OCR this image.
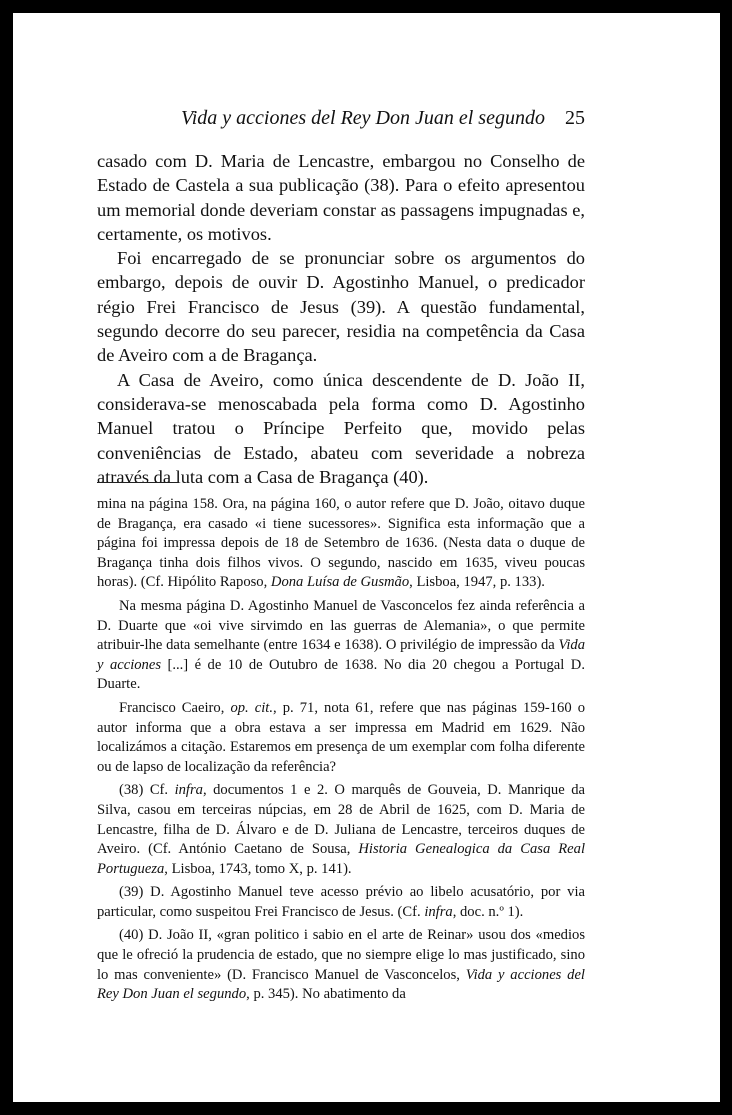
Vida y acciones del Rey Don Juan el segundo 25

casado com D. Maria de Lencastre, embargou no Conselho de Estado de Castela a sua publicação (38). Para o efeito apresentou um memorial donde deveriam constar as passagens impugnadas e, certamente, os motivos.

Foi encarregado de se pronunciar sobre os argumentos do embargo, depois de ouvir D. Agostinho Manuel, o predicador régio Frei Francisco de Jesus (39). A questão fundamental, segundo decorre do seu parecer, residia na competência da Casa de Aveiro com a de Bragança.

A Casa de Aveiro, como única descendente de D. João II, considerava-se menoscabada pela forma como D. Agostinho Manuel tratou o Príncipe Perfeito que, movido pelas conveniências de Estado, abateu com severidade a nobreza através da luta com a Casa de Bragança (40).

mina na página 158. Ora, na página 160, o autor refere que D. João, oitavo duque de Bragança, era casado «i tiene sucessores». Significa esta informação que a página foi impressa depois de 18 de Setembro de 1636. (Nesta data o duque de Bragança tinha dois filhos vivos. O segundo, nascido em 1635, viveu poucas horas). (Cf. Hipólito Raposo, Dona Luísa de Gusmão, Lisboa, 1947, p. 133).

Na mesma página D. Agostinho Manuel de Vasconcelos fez ainda referência a D. Duarte que «oi vive sirvimdo en las guerras de Alemania», o que permite atribuir-lhe data semelhante (entre 1634 e 1638). O privilégio de impressão da Vida y acciones [...] é de 10 de Outubro de 1638. No dia 20 chegou a Portugal D. Duarte.

Francisco Caeiro, op. cit., p. 71, nota 61, refere que nas páginas 159-160 o autor informa que a obra estava a ser impressa em Madrid em 1629. Não localizámos a citação. Estaremos em presença de um exemplar com folha diferente ou de lapso de localização da referência?

(38) Cf. infra, documentos 1 e 2. O marquês de Gouveia, D. Manrique da Silva, casou em terceiras núpcias, em 28 de Abril de 1625, com D. Maria de Lencastre, filha de D. Álvaro e de D. Juliana de Lencastre, terceiros duques de Aveiro. (Cf. António Caetano de Sousa, Historia Genealogica da Casa Real Portugueza, Lisboa, 1743, tomo X, p. 141).

(39) D. Agostinho Manuel teve acesso prévio ao libelo acusatório, por via particular, como suspeitou Frei Francisco de Jesus. (Cf. infra, doc. n.º 1).

(40) D. João II, «gran politico i sabio en el arte de Reinar» usou dos «medios que le ofreció la prudencia de estado, que no siempre elige lo mas justificado, sino lo mas conveniente» (D. Francisco Manuel de Vasconcelos, Vida y acciones del Rey Don Juan el segundo, p. 345). No abatimento da
